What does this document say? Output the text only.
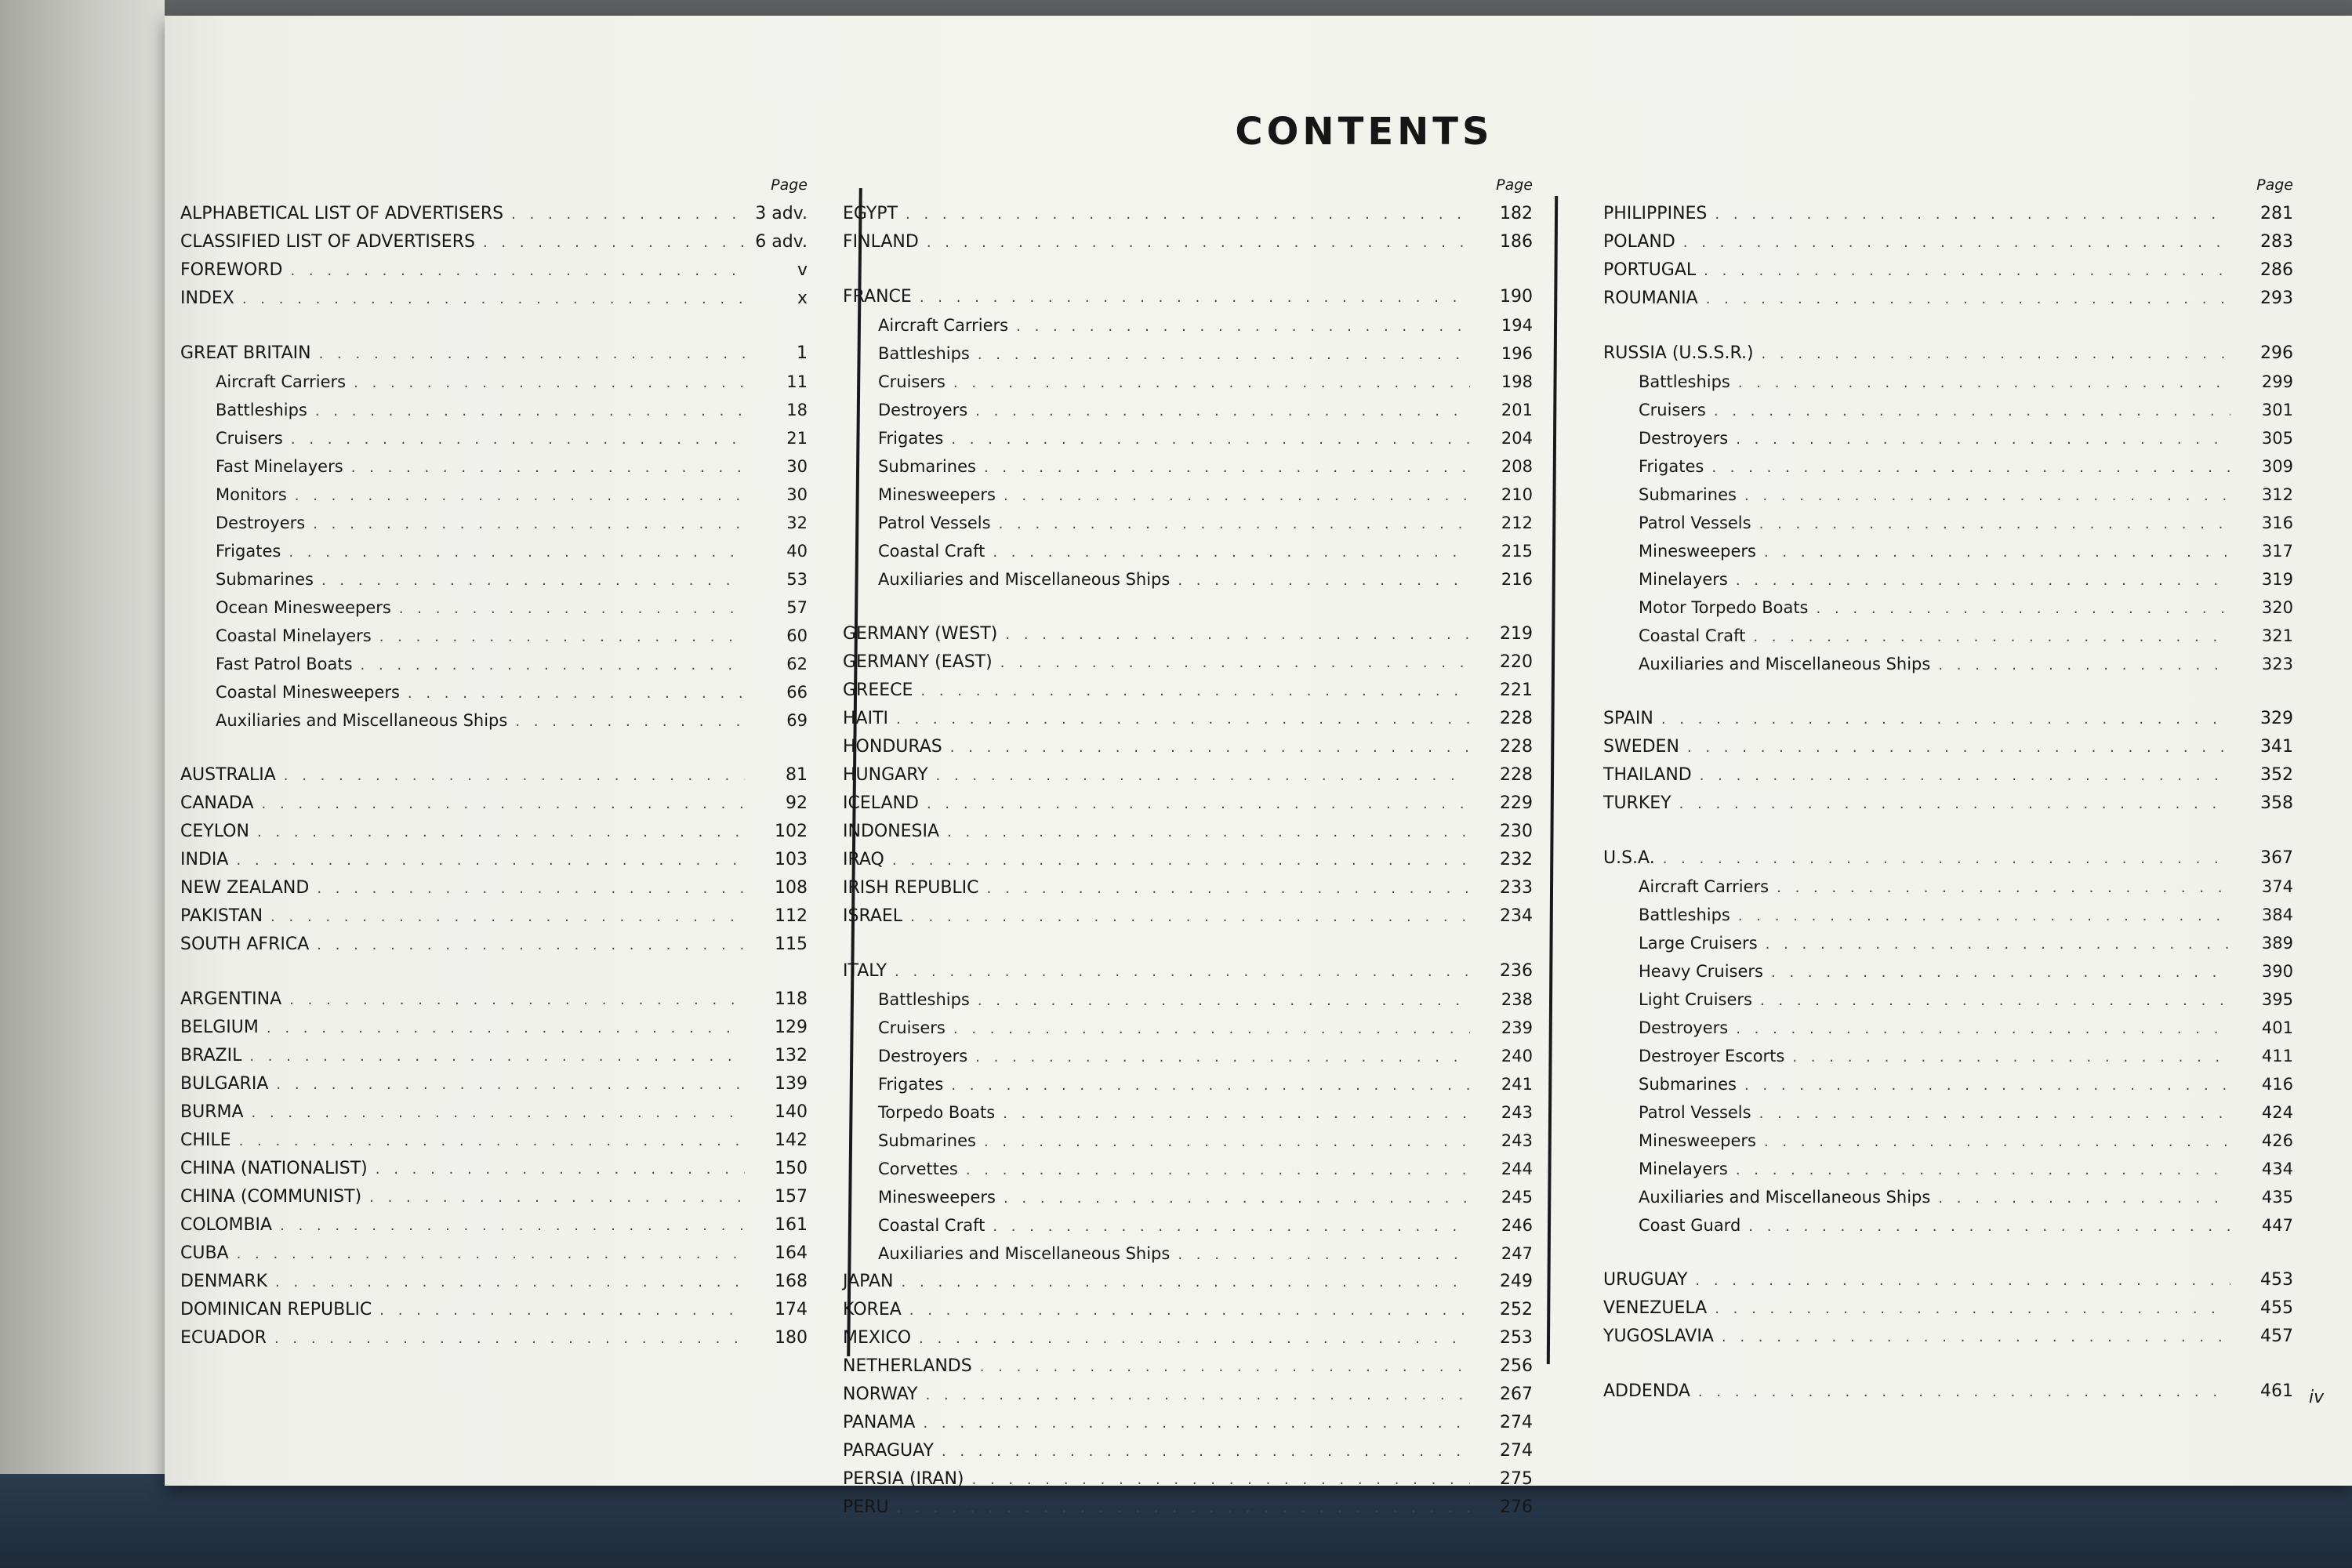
CONTENTS
Page
ALPHABETICAL LIST OF ADVERTISERS . . .	3 adv.
CLASSIFIED LIST OF ADVERTISERS . . .	6 adv.
FOREWORD . . .	v
INDEX . . .	x
GREAT BRITAIN . . .	1
Aircraft Carriers . . .	11
Battleships . . .	18
Cruisers . . .	21
Fast Minelayers . . .	30
Monitors . . .	30
Destroyers . . .	32
Frigates . . .	40
Submarines . . .	53
Ocean Minesweepers . . .	57
Coastal Minelayers . . .	60
Fast Patrol Boats . . .	62
Coastal Minesweepers . . .	66
Auxiliaries and Miscellaneous Ships . . .	69
AUSTRALIA . . .	81
CANADA . . .	92
CEYLON . . .	102
INDIA . . .	103
NEW ZEALAND . . .	108
PAKISTAN . . .	112
SOUTH AFRICA . . .	115
ARGENTINA . . .	118
BELGIUM . . .	129
BRAZIL . . .	132
BULGARIA . . .	139
BURMA . . .	140
CHILE . . .	142
CHINA (NATIONALIST) . . .	150
CHINA (COMMUNIST) . . .	157
COLOMBIA . . .	161
CUBA . . .	164
DENMARK . . .	168
DOMINICAN REPUBLIC . . .	174
ECUADOR . . .	180
Page
EGYPT . . .	182
FINLAND . . .	186
FRANCE . . .	190
Aircraft Carriers . . .	194
Battleships . . .	196
Cruisers . . .	198
Destroyers . . .	201
Frigates . . .	204
Submarines . . .	208
Minesweepers . . .	210
Patrol Vessels . . .	212
Coastal Craft . . .	215
Auxiliaries and Miscellaneous Ships . . .	216
GERMANY (WEST) . . .	219
GERMANY (EAST) . . .	220
GREECE . . .	221
HAITI . . .	228
HONDURAS . . .	228
HUNGARY . . .	228
ICELAND . . .	229
INDONESIA . . .	230
IRAQ . . .	232
IRISH REPUBLIC . . .	233
ISRAEL . . .	234
ITALY . . .	236
Battleships . . .	238
Cruisers . . .	239
Destroyers . . .	240
Frigates . . .	241
Torpedo Boats . . .	243
Submarines . . .	243
Corvettes . . .	244
Minesweepers . . .	245
Coastal Craft . . .	246
Auxiliaries and Miscellaneous Ships . . .	247
JAPAN . . .	249
KOREA . . .	252
MEXICO . . .	253
NETHERLANDS . . .	256
NORWAY . . .	267
PANAMA . . .	274
PARAGUAY . . .	274
PERSIA (IRAN) . . .	275
PERU . . .	276
Page
PHILIPPINES . . .	281
POLAND . . .	283
PORTUGAL . . .	286
ROUMANIA . . .	293
RUSSIA (U.S.S.R.) . . .	296
Battleships . . .	299
Cruisers . . .	301
Destroyers . . .	305
Frigates . . .	309
Submarines . . .	312
Patrol Vessels . . .	316
Minesweepers . . .	317
Minelayers . . .	319
Motor Torpedo Boats . . .	320
Coastal Craft . . .	321
Auxiliaries and Miscellaneous Ships . . .	323
SPAIN . . .	329
SWEDEN . . .	341
THAILAND . . .	352
TURKEY . . .	358
U.S.A. . . .	367
Aircraft Carriers . . .	374
Battleships . . .	384
Large Cruisers . . .	389
Heavy Cruisers . . .	390
Light Cruisers . . .	395
Destroyers . . .	401
Destroyer Escorts . . .	411
Submarines . . .	416
Patrol Vessels . . .	424
Minesweepers . . .	426
Minelayers . . .	434
Auxiliaries and Miscellaneous Ships . . .	435
Coast Guard . . .	447
URUGUAY . . .	453
VENEZUELA . . .	455
YUGOSLAVIA . . .	457
ADDENDA . . .	461 iv
